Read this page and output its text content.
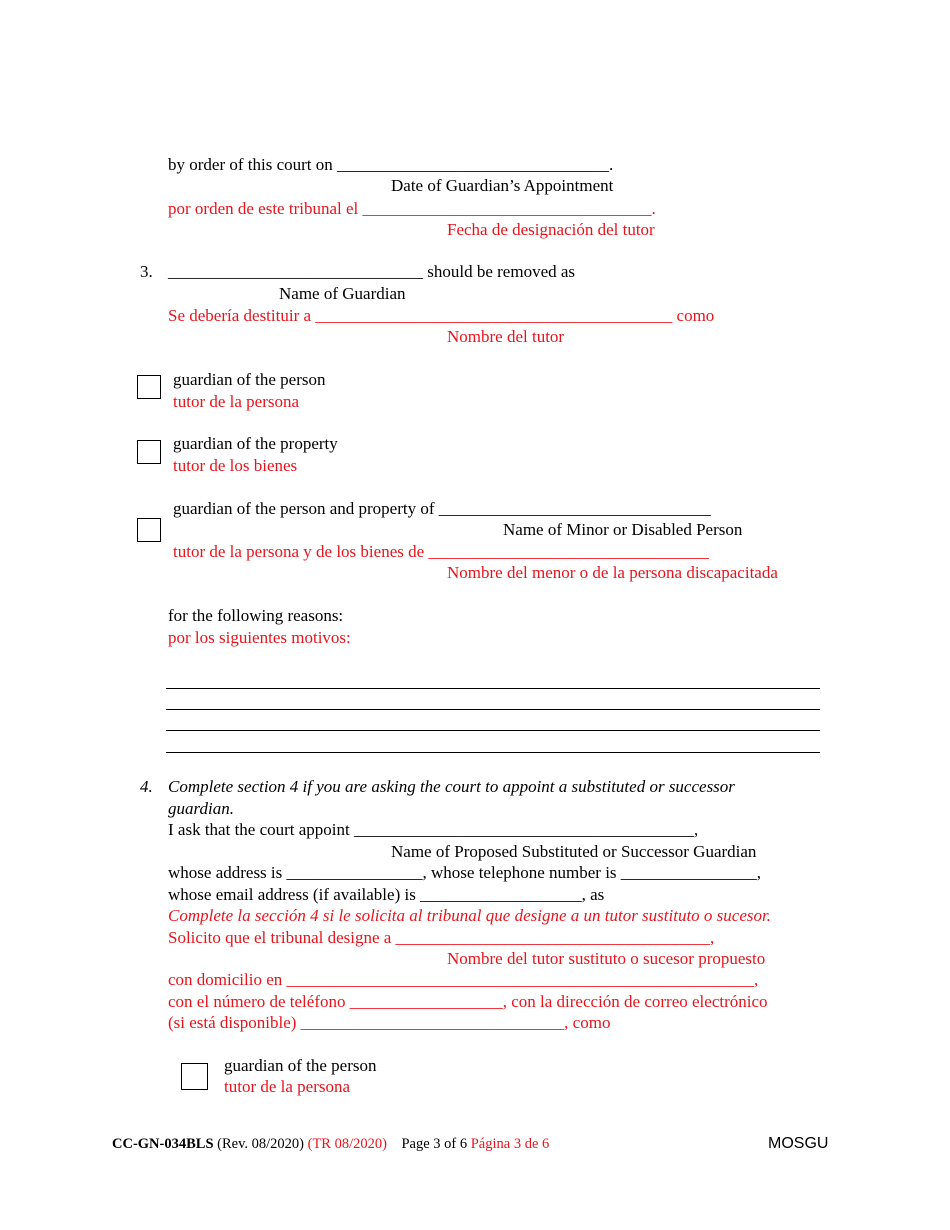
by order of this court on ________________________________.
Date of Guardian’s Appointment
por orden de este tribunal el __________________________________.
Fecha de designación del tutor
3. ______________________________ should be removed as
Name of Guardian
Se debería destituir a __________________________________________ como
Nombre del tutor
guardian of the person
tutor de la persona
guardian of the property
tutor de los bienes
guardian of the person and property of ________________________________
Name of Minor or Disabled Person
tutor de la persona y de los bienes de _________________________________
Nombre del menor o de la persona discapacitada
for the following reasons:
por los siguientes motivos:
4. Complete section 4 if you are asking the court to appoint a substituted or successor
guardian.
I ask that the court appoint ________________________________________,
Name of Proposed Substituted or Successor Guardian
whose address is ________________, whose telephone number is ________________,
whose email address (if available) is ___________________, as
Complete la sección 4 si le solicita al tribunal que designe a un tutor sustituto o sucesor.
Solicito que el tribunal designe a _____________________________________,
Nombre del tutor sustituto o sucesor propuesto
con domicilio en _______________________________________________________,
con el número de teléfono __________________, con la dirección de correo electrónico
(si está disponible) _______________________________, como
guardian of the person
tutor de la persona
CC-GN-034BLS (Rev. 08/2020) (TR 08/2020) Page 3 of 6 Página 3 de 6	MOSGU
